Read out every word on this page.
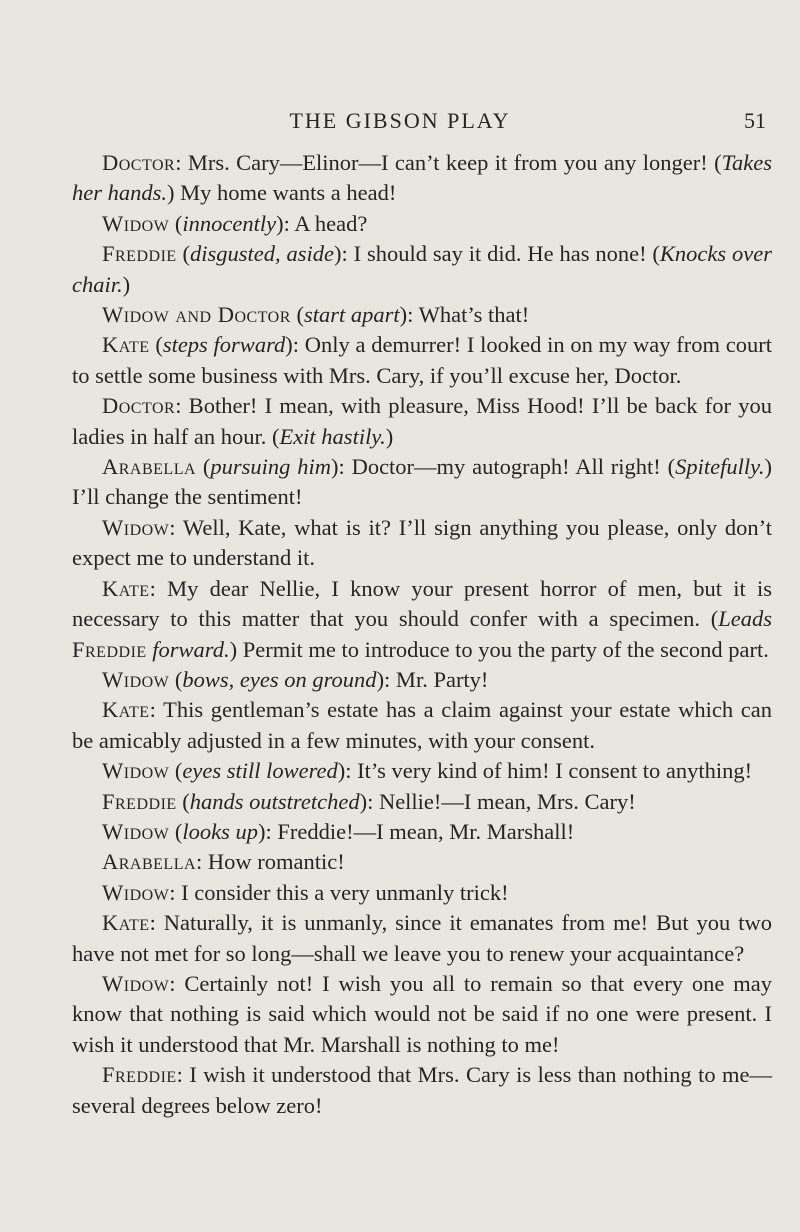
THE GIBSON PLAY	51

Doctor: Mrs. Cary—Elinor—I can’t keep it from you any longer! (Takes her hands.) My home wants a head!

Widow (innocently): A head?

Freddie (disgusted, aside): I should say it did. He has none! (Knocks over chair.)

Widow and Doctor (start apart): What’s that!

Kate (steps forward): Only a demurrer! I looked in on my way from court to settle some business with Mrs. Cary, if you’ll excuse her, Doctor.

Doctor: Bother! I mean, with pleasure, Miss Hood! I’ll be back for you ladies in half an hour. (Exit hastily.)

Arabella (pursuing him): Doctor—my autograph! All right! (Spitefully.) I’ll change the sentiment!

Widow: Well, Kate, what is it? I’ll sign anything you please, only don’t expect me to understand it.

Kate: My dear Nellie, I know your present horror of men, but it is necessary to this matter that you should confer with a specimen. (Leads Freddie forward.) Permit me to introduce to you the party of the second part.

Widow (bows, eyes on ground): Mr. Party!

Kate: This gentleman’s estate has a claim against your estate which can be amicably adjusted in a few minutes, with your consent.

Widow (eyes still lowered): It’s very kind of him! I consent to anything!

Freddie (hands outstretched): Nellie!—I mean, Mrs. Cary!

Widow (looks up): Freddie!—I mean, Mr. Marshall!

Arabella: How romantic!

Widow: I consider this a very unmanly trick!

Kate: Naturally, it is unmanly, since it emanates from me! But you two have not met for so long—shall we leave you to renew your acquaintance?

Widow: Certainly not! I wish you all to remain so that every one may know that nothing is said which would not be said if no one were present. I wish it understood that Mr. Marshall is nothing to me!

Freddie: I wish it understood that Mrs. Cary is less than nothing to me—several degrees below zero!
